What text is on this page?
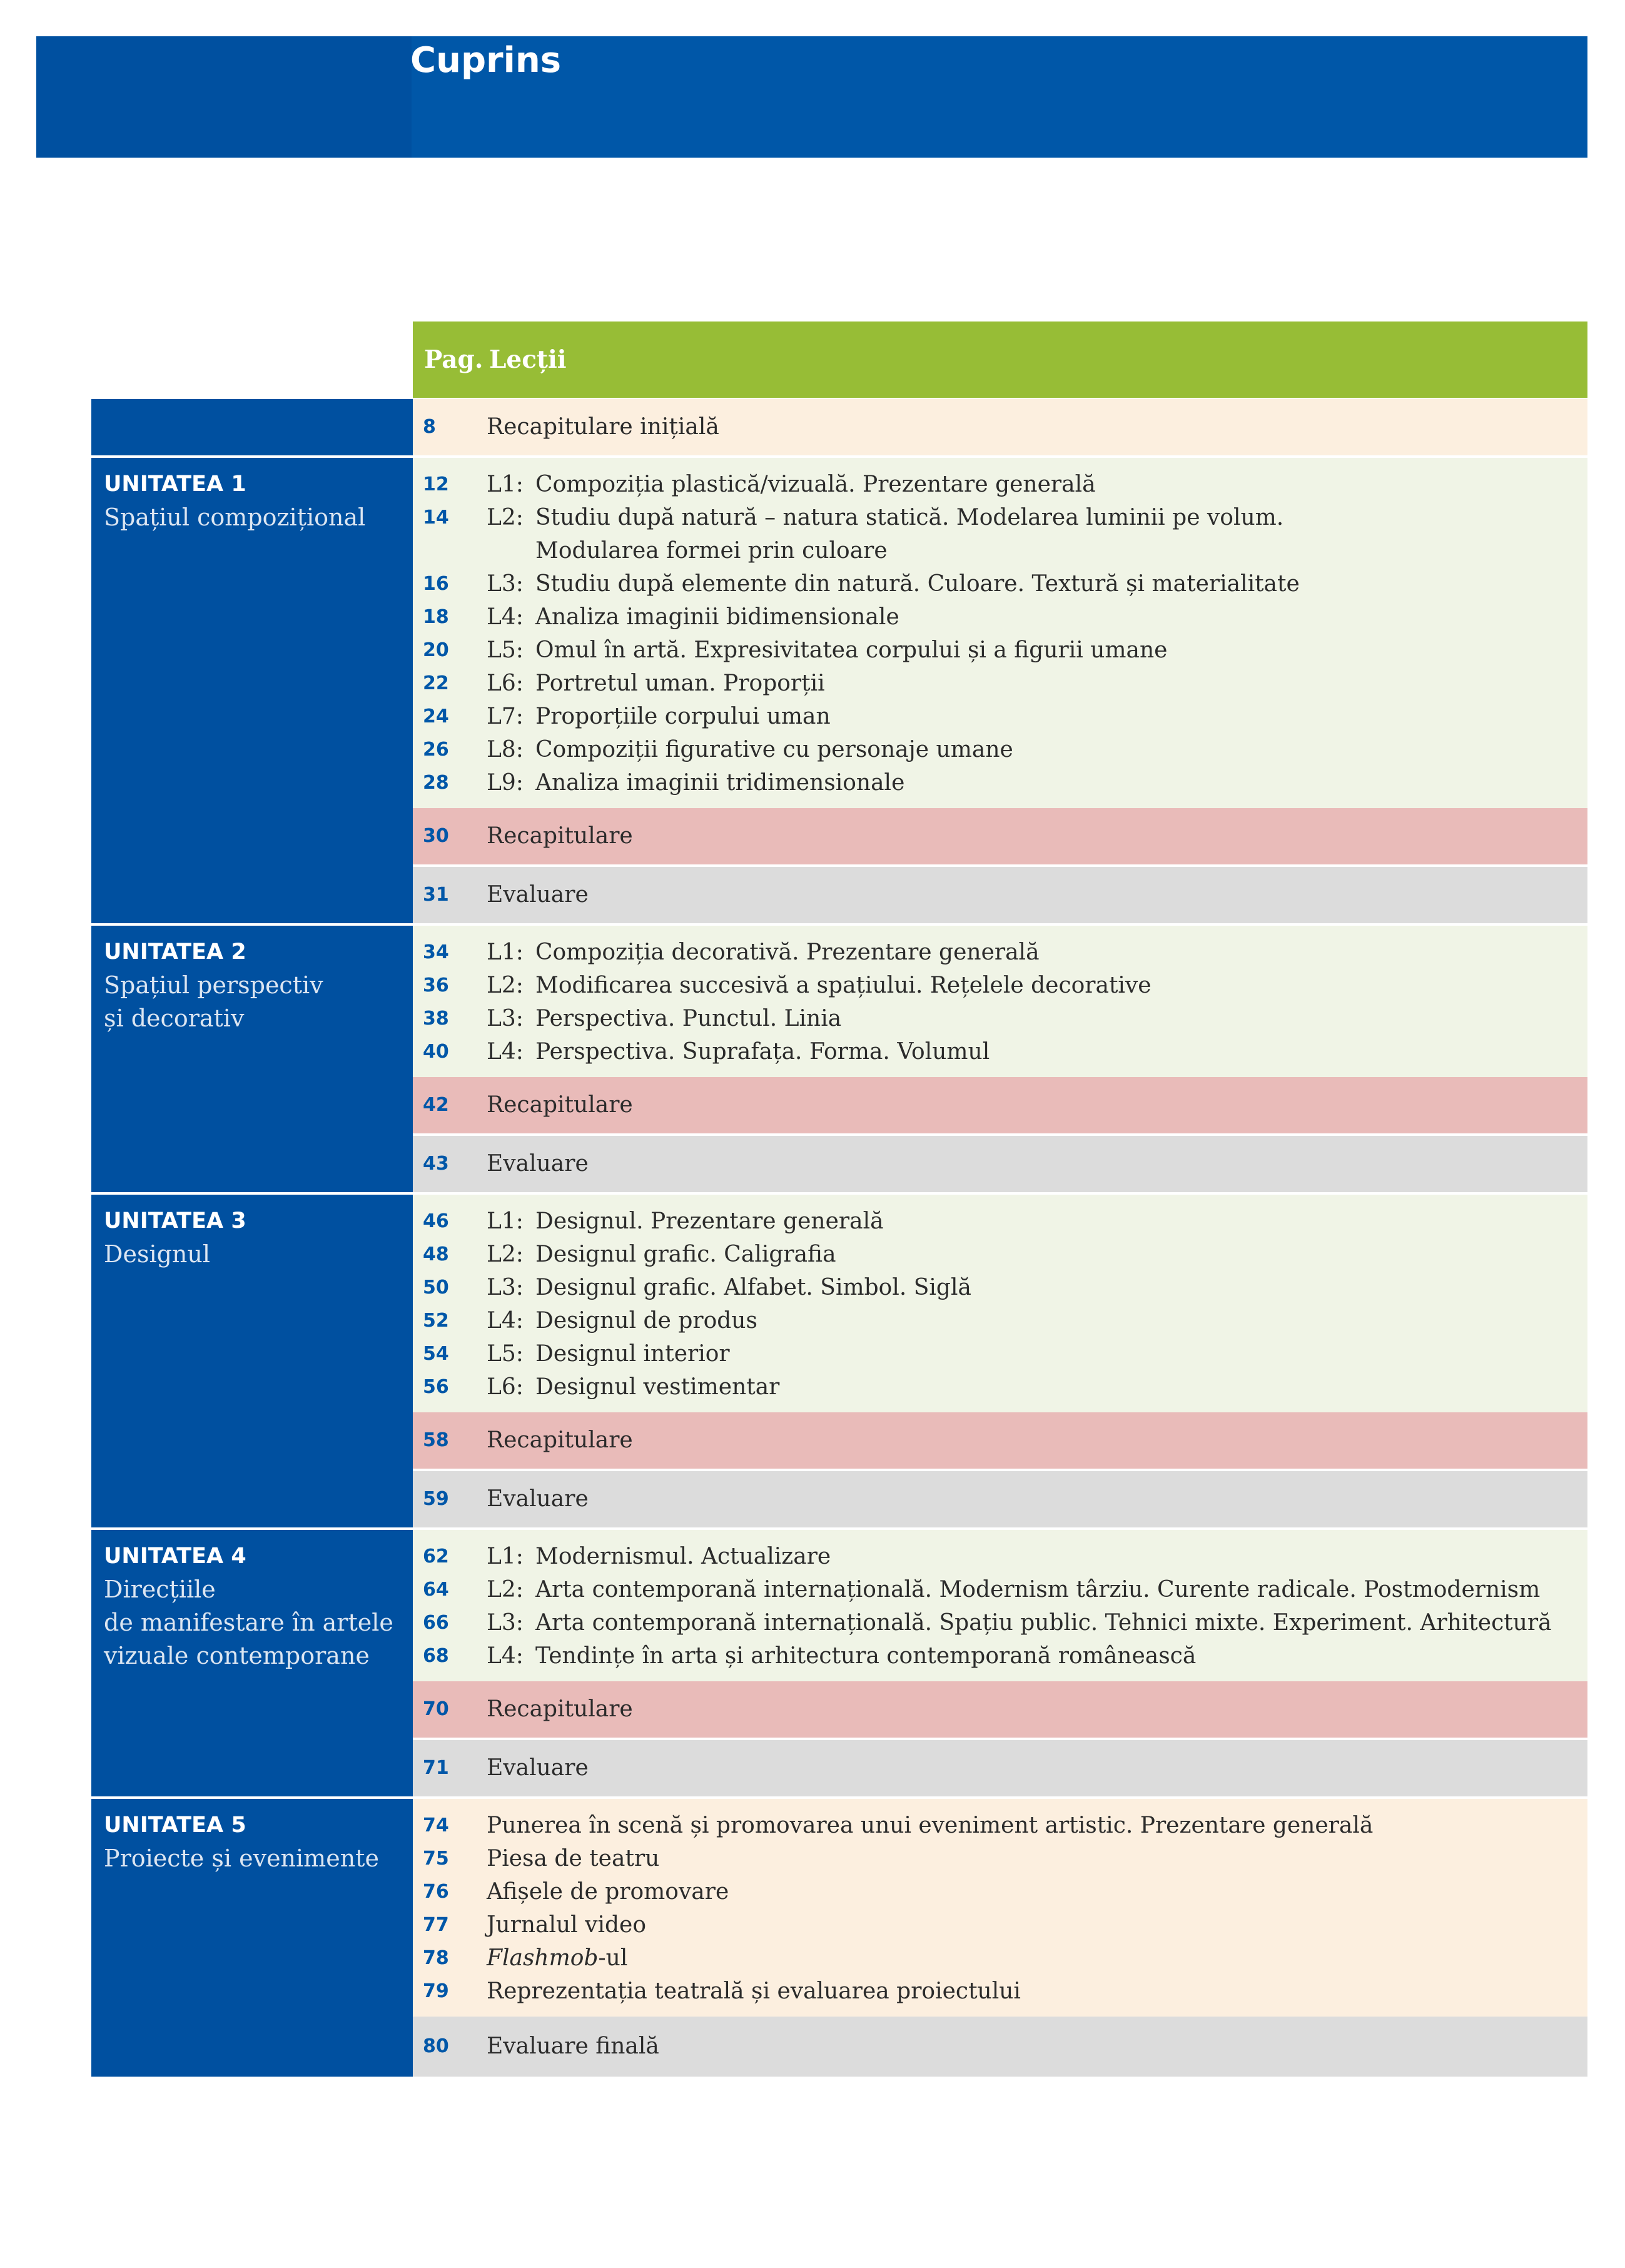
Cuprins
Pag. Lecții
8 Recapitulare inițială
12 L1: Compoziția plastică/vizuală. Prezentare generală
14 L2: Studiu după natură – natura statică. Modelarea luminii pe volum.
Modularea formei prin culoare
16 L3: Studiu după elemente din natură. Culoare. Textură și materialitate
18 L4: Analiza imaginii bidimensionale
20 L5: Omul în artă. Expresivitatea corpului și a figurii umane
22 L6: Portretul uman. Proporții
24 L7: Proporțiile corpului uman
26 L8: Compoziții figurative cu personaje umane
28 L9: Analiza imaginii tridimensionale
30 Recapitulare
31 Evaluare
UNITATEA 1
Spațiul compozițional
34 L1: Compoziția decorativă. Prezentare generală
36 L2: Modificarea succesivă a spațiului. Rețelele decorative
38 L3: Perspectiva. Punctul. Linia
40 L4: Perspectiva. Suprafața. Forma. Volumul
42 Recapitulare
43 Evaluare
UNITATEA 2
Spațiul perspectiv
și decorativ
46 L1: Designul. Prezentare generală
48 L2: Designul grafic. Caligrafia
50 L3: Designul grafic. Alfabet. Simbol. Siglă
52 L4: Designul de produs
54 L5: Designul interior
56 L6: Designul vestimentar
58 Recapitulare
59 Evaluare
UNITATEA 3
Designul
62 L1: Modernismul. Actualizare
64 L2: Arta contemporană internațională. Modernism târziu. Curente radicale. Postmodernism
66 L3: Arta contemporană internațională. Spațiu public. Tehnici mixte. Experiment. Arhitectură
68 L4: Tendințe în arta și arhitectura contemporană românească
70 Recapitulare
71 Evaluare
UNITATEA 4
Direcțiile
de manifestare în artele
vizuale contemporane
74 Punerea în scenă și promovarea unui eveniment artistic. Prezentare generală
75 Piesa de teatru
76 Afișele de promovare
77 Jurnalul video
78 Flashmob-ul
79 Reprezentația teatrală și evaluarea proiectului
80 Evaluare finală
UNITATEA 5
Proiecte și evenimente
